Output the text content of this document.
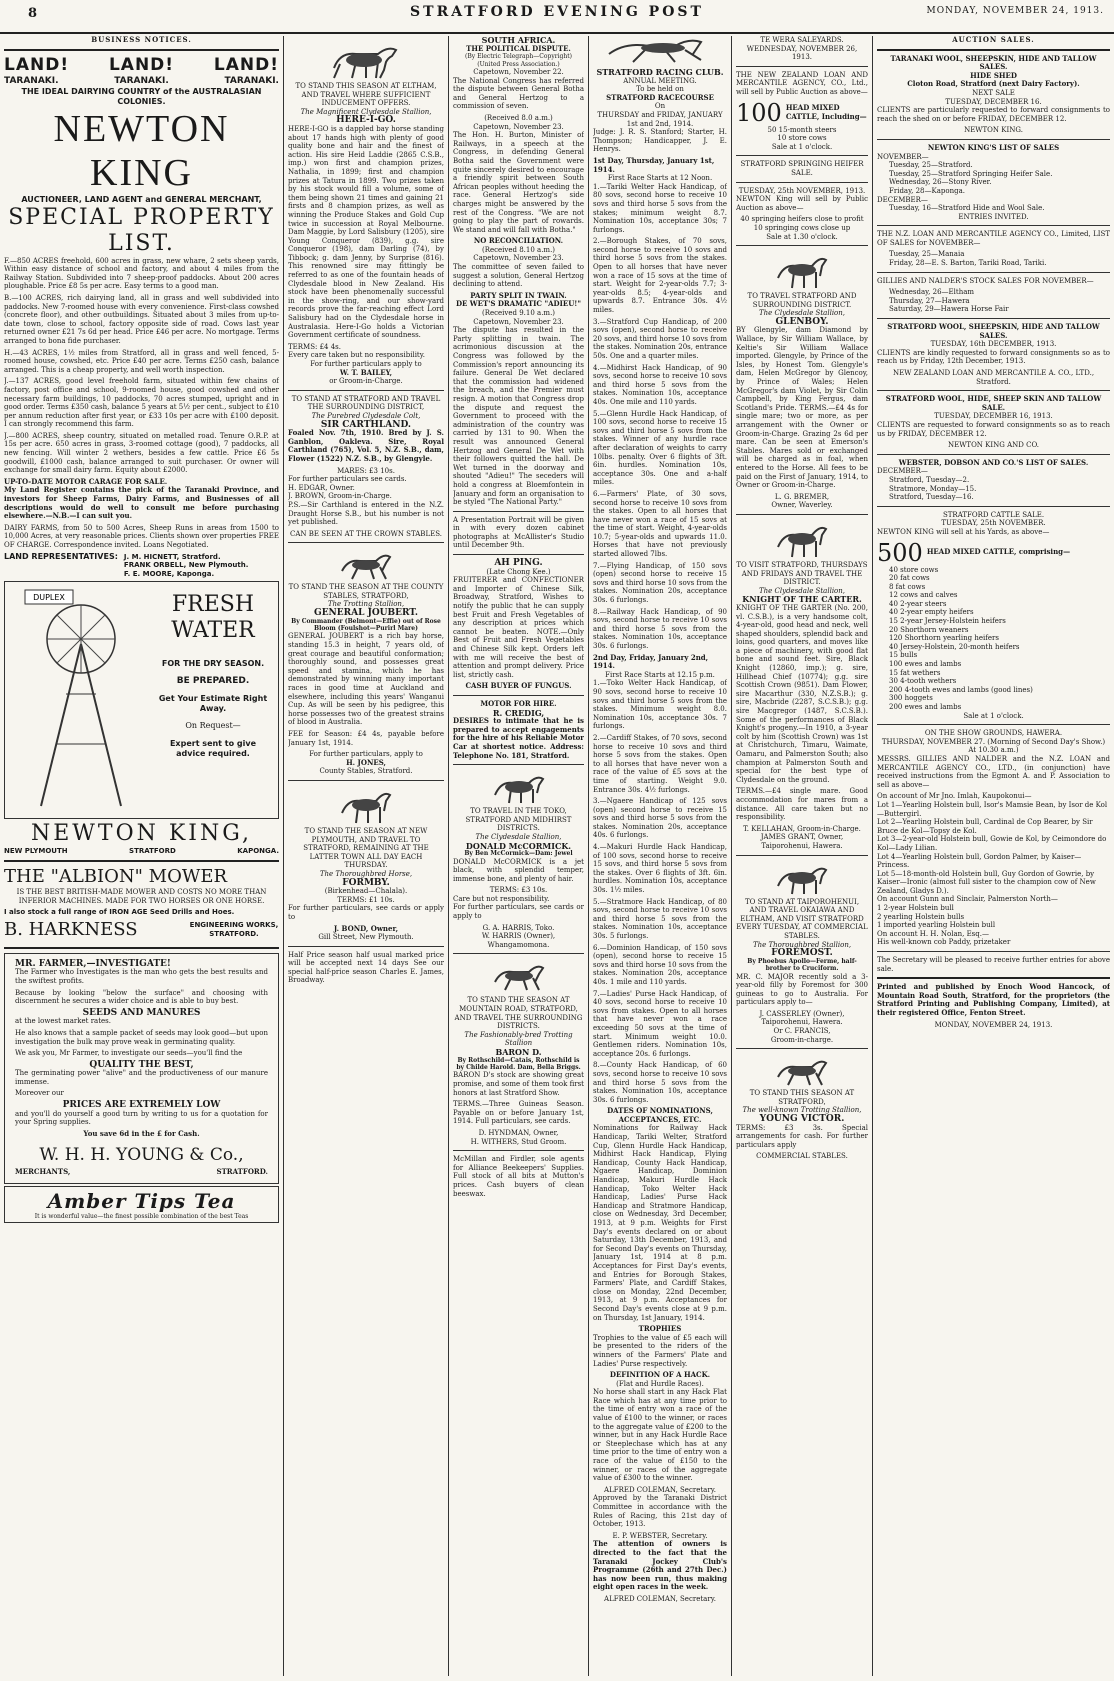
8	STRATFORD EVENING POST	MONDAY, NOVEMBER 24, 1913.
BUSINESS NOTICES.
LAND! LAND! LAND!
TARANAKI.	TARANAKI.	TARANAKI.
THE IDEAL DAIRYING COUNTRY of the AUSTRALASIAN COLONIES.
NEWTON KING
AUCTIONEER, LAND AGENT and GENERAL MERCHANT,
SPECIAL PROPERTY LIST.

F.—850 ACRES freehold, 600 acres in grass, new whare, 2 sets sheep yards, Within easy distance of school and factory, and about 4 miles from the Railway Station. Subdivided into 7 sheep-proof paddocks. About 200 acres ploughable. Price £8 5s per acre. Easy terms to a good man.

B.—100 ACRES, rich dairying land, all in grass and well subdivided into paddocks. New 7-roomed house with every convenience. First-class cowshed (concrete floor), and other outbuildings. Situated about 3 miles from up-to-date town, close to school, factory opposite side of road. Cows last year returned owner £21 7s 6d per head. Price £46 per acre. No mortgage. Terms arranged to bona fide purchaser.

H.—43 ACRES, 1½ miles from Stratford, all in grass and well fenced, 5-roomed house, cowshed, etc. Price £40 per acre. Terms £250 cash, balance arranged. This is a cheap property, and well worth inspection.

J.—137 ACRES, good level freehold farm, situated within few chains of factory, post office and school, 9-roomed house, good cowshed and other necessary farm buildings, 10 paddocks, 70 acres stumped, upright and in good order. Terms £350 cash, balance 5 years at 5½ per cent., subject to £10 per annum reduction after first year, or £33 10s per acre with £100 deposit. I can strongly recommend this farm.

J.—800 ACRES, sheep country, situated on metalled road. Tenure O.R.P. at 15s per acre. 650 acres in grass, 3-roomed cottage (good), 7 paddocks, all new fencing. Will winter 2 wethers, besides a few cattle. Price £6 5s goodwill, £1000 cash, balance arranged to suit purchaser. Or owner will exchange for small dairy farm. Equity about £2000.

UP-TO-DATE MOTOR CARAGE FOR SALE.

My Land Register contains the pick of the Taranaki Province, and investors for Sheep Farms, Dairy Farms, and Businesses of all descriptions would do well to consult me before purchasing elsewhere.—N.B.—I can suit you.

DAIRY FARMS, from 50 to 500 Acres, Sheep Runs in areas from 1500 to 10,000 Acres, at very reasonable prices. Clients shown over properties FREE OF CHARGE. Correspondence invited. Loans Negotiated.

LAND REPRESENTATIVES: J. M. HICNETT, Stratford.
FRANK ORBELL, New Plymouth.
F. E. MOORE, Kaponga.
DUPLEX	FRESH
WATER
FOR THE DRY SEASON.
BE PREPARED.
Get Your Estimate Right Away.
On Request—
Expert sent to give advice required.
NEWTON KING,
NEW PLYMOUTH	STRATFORD	KAPONGA.
THE "ALBION" MOWER

IS THE BEST BRITISH-MADE MOWER AND COSTS NO MORE THAN INFERIOR MACHINES. MADE FOR TWO HORSES OR ONE HORSE.

I also stock a full range of IRON AGE Seed Drills and Hoes.
B. HARKNESS	ENGINEERING WORKS, STRATFORD.
MR. FARMER,—INVESTIGATE!

The Farmer who Investigates is the man who gets the best results and the swiftest profits.

Because by looking "below the surface" and choosing with discernment he secures a wider choice and is able to buy best.

SEEDS AND MANURES

at the lowest market rates.

He also knows that a sample packet of seeds may look good—but upon investigation the bulk may prove weak in germinating quality.

We ask you, Mr Farmer, to investigate our seeds—you'll find the

QUALITY THE BEST,

The germinating power "alive" and the productiveness of our manure immense.

Moreover our

PRICES ARE EXTREMELY LOW

and you'll do yourself a good turn by writing to us for a quotation for your Spring supplies.

You save 6d in the £ for Cash.
W. H. H. YOUNG & Co.,
MERCHANTS,	STRATFORD.
Amber Tips Tea
It is wonderful value—the finest possible combination of the best Teas
TO STAND THIS SEASON AT ELTHAM, AND TRAVEL WHERE SUFFICIENT INDUCEMENT OFFERS.
The Magnificent Clydesdale Stallion,
HERE-I-GO.

HERE-I-GO is a dappled bay horse standing about 17 hands high with plenty of good quality bone and hair and the finest of action. His sire Heid Laddie (2865 C.S.B., imp.) won first and champion prizes, Nathalia, in 1899; first and champion prizes at Tatura in 1899. Two prizes taken by his stock would fill a volume, some of them being shown 21 times and gaining 21 firsts and 8 champion prizes, as well as winning the Produce Stakes and Gold Cup twice in succession at Royal Melbourne. Dam Maggie, by Lord Salisbury (1205), sire Young Conqueror (839), g.g. sire Conqueror (198), dam Darling (74), by Tibbock; g. dam Jenny, by Surprise (816). This renowned sire may fittingly be referred to as one of the fountain heads of Clydesdale blood in New Zealand. His stock have been phenomenally successful in the show-ring, and our show-yard records prove the far-reaching effect Lord Salisbury had on the Clydesdale horse in Australasia. Here-I-Go holds a Victorian Government certificate of soundness.

TERMS: £4 4s.
Every care taken but no responsibility.
For further particulars apply to
W. T. BAILEY,
or Groom-in-Charge.
TO STAND AT STRATFORD AND TRAVEL THE SURROUNDING DISTRICT,
The Purebred Clydesdale Colt,
SIR CARTHLAND.

Foaled Nov. 7th, 1910. Bred by J. S. Ganblon, Oakleva. Sire, Royal Carthland (765), Vol. 5, N.Z. S.B., dam, Flower (1522) N.Z. S.B., by Glengyle.

MARES: £3 10s.
For further particulars see cards.
H. EDGAR, Owner.
J. BROWN, Groom-in-Charge.

P.S.—Sir Carthland is entered in the N.Z. Draught Horse S.B., but his number is not yet published.

CAN BE SEEN AT THE CROWN STABLES.
TO STAND THE SEASON AT THE COUNTY STABLES, STRATFORD,
The Trotting Stallion,
GENERAL JOUBERT.
By Commander (Belmont—Effie) out of Rose Bloom (Foulshot—Purirl Mare)

GENERAL JOUBERT is a rich bay horse, standing 15.3 in height, 7 years old, of great courage and beautiful conformation; thoroughly sound, and possesses great speed and stamina, which he has demonstrated by winning many important races in good time at Auckland and elsewhere, including this years' Wanganui Cup. As will be seen by his pedigree, this horse possesses two of the greatest strains of blood in Australia.

FEE for Season: £4 4s, payable before January 1st, 1914.

For further particulars, apply to
H. JONES,
County Stables, Stratford.
TO STAND THE SEASON AT NEW PLYMOUTH, AND TRAVEL TO STRATFORD, REMAINING AT THE LATTER TOWN ALL DAY EACH THURSDAY.
The Thoroughbred Horse,
FORMBY.
(Birkenhead—Chalala).
TERMS: £1 10s.

For further particulars, see cards or apply to

J. BOND, Owner,
Gill Street, New Plymouth.

Half Price season half usual marked price will be accepted next 14 days See our special half-price season Charles E. James, Broadway.

SOUTH AFRICA.
THE POLITICAL DISPUTE.
(By Electric Telegraph—Copyright) (United Press Association.)
Capetown, November 22.

The National Congress has referred the dispute between General Botha and General Hertzog to a commission of seven.

(Received 8.0 a.m.)
Capetown, November 23.

The Hon. H. Burton, Minister of Railways, in a speech at the Congress, in defending General Botha said the Government were quite sincerely desired to encourage a friendly spirit between South African peoples without heeding the race. General Hertzog's side charges might be answered by the rest of the Congress. "We are not going to play the part of rowards. We stand and will fall with Botha."

NO RECONCILIATION.
(Received 8.10 a.m.)
Capetown, November 23.

The committee of seven failed to suggest a solution, General Hertzog declining to attend.

PARTY SPLIT IN TWAIN.
DE WET'S DRAMATIC "ADIEU!"
(Received 9.10 a.m.)
Capetown, November 23.

The dispute has resulted in the Party splitting in twain. The acrimonious discussion at the Congress was followed by the Commission's report announcing its failure. General De Wet declared that the commission had widened the breach, and the Premier must resign. A motion that Congress drop the dispute and request the Government to proceed with the administration of the country was carried by 131 to 90. When the result was announced General Hertzog and General De Wet with their followers quitted the hall. De Wet turned in the doorway and shouted "Adieu!" The seceders will hold a congress at Bloemfontein in January and form an organisation to be styled "The National Party."

A Presentation Portrait will be given in with every dozen cabinet photographs at McAllister's Studio until December 9th.

AH PING.
(Late Chong Kee.)

FRUITERER and CONFECTIONER and Importer of Chinese Silk, Broadway, Stratford, Wishes to notify the public that he can supply best Fruit and Fresh Vegetables of any description at prices which cannot be beaten. NOTE.—Only Best of Fruit and Fresh Vegetables and Chinese Silk kept. Orders left with me will receive the best of attention and prompt delivery. Price list, strictly cash.

CASH BUYER OF FUNGUS.
MOTOR FOR HIRE.
R. CREDIG,

DESIRES to intimate that he is prepared to accept engagements for the hire of his Reliable Motor Car at shortest notice. Address: Telephone No. 181, Stratford.

TO TRAVEL IN THE TOKO, STRATFORD AND MIDHIRST DISTRICTS.
The Clydesdale Stallion,
DONALD McCORMICK.
By Ben McCormick—Dam: Jewel

DONALD McCORMICK is a jet black, with splendid temper, immense bone, and plenty of hair.

TERMS: £3 10s.
Care but not responsibility.

For further particulars, see cards or apply to

G. A. HARRIS, Toko.
W. HARRIS (Owner), Whangamomona.
TO STAND THE SEASON AT MOUNTAIN ROAD, STRATFORD, AND TRAVEL THE SURROUNDING DISTRICTS.
The Fashionably-bred Trotting Stallion
BARON D.
By Rothschild—Catais, Rothschild is by Childe Harold. Dam, Bella Briggs.

BARON D's stock are showing great promise, and some of them took first honors at last Stratford Show.

TERMS.—Three Guineas Season. Payable on or before January 1st, 1914. Full particulars, see cards.

D. HYNDMAN, Owner,
H. WITHERS, Stud Groom.

McMillan and Firdler, sole agents for Alliance Beekeepers' Supplies. Full stock of all bits at Mutton's prices. Cash buyers of clean beeswax.

STRATFORD RACING CLUB.
ANNUAL MEETING.
To be held on
STRATFORD RACECOURSE
On
THURSDAY and FRIDAY, JANUARY 1st and 2nd, 1914.

Judge: J. R. S. Stanford; Starter, H. Thompson; Handicapper, J. E. Henrys.

1st Day, Thursday, January 1st, 1914.
First Race Starts at 12 Noon.

1.—Tariki Welter Hack Handicap, of 80 sovs, second horse to receive 10 sovs and third horse 5 sovs from the stakes; minimum weight 8.7. Nomination 10s, acceptance 30s; 7 furlongs.

2.—Borough Stakes, of 70 sovs, second horse to receive 10 sovs and third horse 5 sovs from the stakes. Open to all horses that have never won a race of 15 sovs at the time of start. Weight for 2-year-olds 7.7; 3-year-olds 8.5; 4-year-olds and upwards 8.7. Entrance 30s. 4½ miles.

3.—Stratford Cup Handicap, of 200 sovs (open), second horse to receive 20 sovs, and third horse 10 sovs from the stakes. Nomination 20s, entrance 50s. One and a quarter miles.

4.—Midhirst Hack Handicap, of 90 sovs, second horse to receive 10 sovs and third horse 5 sovs from the stakes. Nomination 10s, acceptance 40s. One mile and 110 yards.

5.—Glenn Hurdle Hack Handicap, of 100 sovs, second horse to receive 15 sovs and third horse 5 sovs from the stakes. Winner of any hurdle race after declaration of weights to carry 10lbs. penalty. Over 6 flights of 3ft. 6in. hurdles. Nomination 10s, acceptance 30s. One and a-half miles.

6.—Farmers' Plate, of 30 sovs, second horse to receive 10 sovs from the stakes. Open to all horses that have never won a race of 15 sovs at the time of start. Weight, 4-year-olds 10.7; 5-year-olds and upwards 11.0. Horses that have not previously started allowed 7lbs.

7.—Flying Handicap, of 150 sovs (open) second horse to receive 15 sovs and third horse 10 sovs from the stakes. Nomination 20s, acceptance 30s. 6 furlongs.

8.—Railway Hack Handicap, of 90 sovs, second horse to receive 10 sovs and third horse 5 sovs from the stakes. Nomination 10s, acceptance 30s. 6 furlongs.

2nd Day, Friday, January 2nd, 1914.
First Race Starts at 12.15 p.m.

1.—Toko Welter Hack Handicap, of 90 sovs, second horse to receive 10 sovs and third horse 5 sovs from the stakes. Minimum weight 8.0. Nomination 10s, acceptance 30s. 7 furlongs.

2.—Cardiff Stakes, of 70 sovs, second horse to receive 10 sovs and third horse 5 sovs from the stakes. Open to all horses that have never won a race of the value of £5 sovs at the time of starting. Weight 9.0. Entrance 30s. 4½ furlongs.

3.—Ngaere Handicap of 125 sovs (open) second horse to receive 15 sovs and third horse 5 sovs from the stakes. Nomination 20s, acceptance 40s. 6 furlongs.

4.—Makuri Hurdle Hack Handicap, of 100 sovs, second horse to receive 15 sovs, and third horse 5 sovs from the stakes. Over 6 flights of 3ft. 6in. hurdles. Nomination 10s, acceptance 30s. 1½ miles.

5.—Stratmore Hack Handicap, of 80 sovs, second horse to receive 10 sovs and third horse 5 sovs from the stakes. Nomination 10s, acceptance 30s. 5 furlongs.

6.—Dominion Handicap, of 150 sovs (open), second horse to receive 15 sovs and third horse 10 sovs from the stakes. Nomination 20s, acceptance 40s. 1 mile and 110 yards.

7.—Ladies' Purse Hack Handicap, of 40 sovs, second horse to receive 10 sovs from stakes. Open to all horses that have never won a race exceeding 50 sovs at the time of start. Minimum weight 10.0. Gentlemen riders. Nomination 10s, acceptance 20s. 6 furlongs.

8.—County Hack Handicap, of 60 sovs, second horse to receive 10 sovs and third horse 5 sovs from the stakes. Nomination 10s, acceptance 30s. 6 furlongs.

DATES OF NOMINATIONS, ACCEPTANCES, ETC.

Nominations for Railway Hack Handicap, Tariki Welter, Stratford Cup, Glenn Hurdle Hack Handicap, Midhirst Hack Handicap, Flying Handicap, County Hack Handicap, Ngaere Handicap, Dominion Handicap, Makuri Hurdle Hack Handicap, Toko Welter Hack Handicap, Ladies' Purse Hack Handicap and Stratmore Handicap, close on Wednesday, 3rd December, 1913, at 9 p.m. Weights for First Day's events declared on or about Saturday, 13th December, 1913, and for Second Day's events on Thursday, January 1st, 1914 at 8 p.m. Acceptances for First Day's events, and Entries for Borough Stakes, Farmers' Plate, and Cardiff Stakes, close on Monday, 22nd December, 1913, at 9 p.m. Acceptances for Second Day's events close at 9 p.m. on Thursday, 1st January, 1914.

TROPHIES

Trophies to the value of £5 each will be presented to the riders of the winners of the Farmers' Plate and Ladies' Purse respectively.

DEFINITION OF A HACK.
(Flat and Hurdle Races).

No horse shall start in any Hack Flat Race which has at any time prior to the time of entry won a race of the value of £100 to the winner, or races to the aggregate value of £200 to the winner, but in any Hack Hurdle Race or Steeplechase which has at any time prior to the time of entry won a race of the value of £150 to the winner, or races of the aggregate value of £300 to the winner.

ALFRED COLEMAN, Secretary.

Approved by the Taranaki District Committee in accordance with the Rules of Racing, this 21st day of October, 1913.

E. P. WEBSTER, Secretary.

The attention of owners is directed to the fact that the Taranaki Jockey Club's Programme (26th and 27th Dec.) has now been run, thus making eight open races in the week.

ALFRED COLEMAN, Secretary.
TE WERA SALEYARDS.
WEDNESDAY, NOVEMBER 26, 1913.

THE NEW ZEALAND LOAN AND MERCANTILE AGENCY, CO., Ltd., will sell by Public Auction as above—

100 HEAD MIXED CATTLE, Including—
50 15-month steers
10 store cows
Sale at 1 o'clock.
STRATFORD SPRINGING HEIFER SALE.
TUESDAY, 25th NOVEMBER, 1913.

NEWTON King will sell by Public Auction as above—

40 springing heifers close to profit
10 springing cows close up
Sale at 1.30 o'clock.
TO TRAVEL STRATFORD AND SURROUNDING DISTRICT.
The Clydesdale Stallion,
GLENBOY.

BY Glengyle, dam Diamond by Wallace, by Sir William Wallace, by Keltie's Sir William Wallace imported. Glengyle, by Prince of the Isles, by Honest Tom. Glengyle's dam, Helen McGregor by Glencoy, by Prince of Wales; Helen McGregor's dam Violet, by Sir Colin Campbell, by King Fergus, dam Scotland's Pride. TERMS.—£4 4s for single mare; two or more, as per arrangement with the Owner or Groom-in-Charge. Grazing 2s 6d per mare. Can be seen at Emerson's Stables. Mares sold or exchanged will be charged as in foal, when entered to the Horse. All fees to be paid on the First of January, 1914, to Owner or Groom-in-Charge.

L. G. BREMER,
Owner, Waverley.
TO VISIT STRATFORD, THURSDAYS AND FRIDAYS AND TRAVEL THE DISTRICT.
The Clydesdale Stallion,
KNIGHT OF THE CARTER.

KNIGHT OF THE GARTER (No. 200, vl. C.S.B.), is a very handsome colt, 4-year-old, good head and neck, well shaped shoulders, splendid back and loins, good quarters, and moves like a piece of machinery, with good flat bone and sound feet. Sire, Black Knight (12860, imp.); g. sire, Hillhead Chief (10774); g.g. sire Scottish Crown (9851). Dam Flower, sire Macarthur (330, N.Z.S.B.); g. sire, Macbride (2287, S.C.S.B.); g.g. sire Macgregor (1487, S.C.S.B.). Some of the performances of Black Knight's progeny.—In 1910, a 3-year colt by him (Scottish Crown) was 1st at Christchurch, Timaru, Waimate, Oamaru, and Palmerston South; also champion at Palmerston South and special for the best type of Clydesdale on the ground.

TERMS.—£4 single mare. Good accommodation for mares from a distance. All care taken but no responsibility.

T. KELLAHAN, Groom-in-Charge.
JAMES GRANT, Owner,
Taiporohenui, Hawera.
TO STAND AT TAIPOROHENUI, AND TRAVEL OKAIAWA AND ELTHAM, AND VISIT STRATFORD EVERY TUESDAY, AT COMMERCIAL STABLES.
The Thoroughbred Stallion,
FOREMOST.
By Phoebus Apollo—Ferme, half-brother to Cruciform.

MR. C. MAJOR recently sold a 3-year-old filly by Foremost for 300 guineas to go to Australia. For particulars apply to—

J. CASSERLEY (Owner),
Taiporohenui, Hawera.
Or C. FRANCIS,
Groom-in-charge.
TO STAND THIS SEASON AT STRATFORD,
The well-known Trotting Stallion,
YOUNG VICTOR.

TERMS: £3 3s. Special arrangements for cash. For further particulars apply

COMMERCIAL STABLES.
AUCTION SALES.
TARANAKI WOOL, SHEEPSKIN, HIDE AND TALLOW SALES.
HIDE SHED
Cloton Road, Stratford (next Dairy Factory).
NEXT SALE
TUESDAY, DECEMBER 16.

CLIENTS are particularly requested to forward consignments to reach the shed on or before FRIDAY, DECEMBER 12.

NEWTON KING.
NEWTON KING'S LIST OF SALES
NOVEMBER—
Tuesday, 25—Stratford.
Tuesday, 25—Stratford Springing Heifer Sale.
Wednesday, 26—Stony River.
Friday, 28—Kaponga.
DECEMBER—
Tuesday, 16—Stratford Hide and Wool Sale.
ENTRIES INVITED.

THE N.Z. LOAN AND MERCANTILE AGENCY CO., Limited, LIST OF SALES for NOVEMBER—

Tuesday, 25—Manaia
Friday, 28—E. S. Barton, Tariki Road, Tariki.

GILLIES AND NALDER'S STOCK SALES FOR NOVEMBER—

Wednesday, 26—Eltham
Thursday, 27—Hawera
Saturday, 29—Hawera Horse Fair
STRATFORD WOOL, SHEEPSKIN, HIDE AND TALLOW SALES.
TUESDAY, 16th DECEMBER, 1913.

CLIENTS are kindly requested to forward consignments so as to reach us by Friday, 12th December, 1913.

NEW ZEALAND LOAN AND MERCANTILE A. CO., LTD., Stratford.
STRATFORD WOOL, HIDE, SHEEP SKIN AND TALLOW SALE.
TUESDAY, DECEMBER 16, 1913.

CLIENTS are requested to forward consignments so as to reach us by FRIDAY, DECEMBER 12.

NEWTON KING AND CO.
WEBSTER, DOBSON AND CO.'S LIST OF SALES.
DECEMBER—
Stratford, Tuesday—2.
Stratmore, Monday—15.
Stratford, Tuesday—16.
STRATFORD CATTLE SALE.
TUESDAY, 25th NOVEMBER.

NEWTON KING will sell at his Yards, as above—

500 HEAD MIXED CATTLE, comprising—
40 store cows
20 fat cows
8 fat cows
12 cows and calves
40 2-year steers
40 2-year empty heifers
15 2-year Jersey-Holstein heifers
20 Shorthorn weaners
120 Shorthorn yearling heifers
40 Jersey-Holstein, 20-month heifers
15 bulls
100 ewes and lambs
15 fat wethers
30 4-tooth wethers
200 4-tooth ewes and lambs (good lines)
300 hoggets
200 ewes and lambs
Sale at 1 o'clock.
ON THE SHOW GROUNDS, HAWERA.
THURSDAY, NOVEMBER 27. (Morning of Second Day's Show.)
At 10.30 a.m.)

MESSRS. GILLIES AND NALDER and the N.Z. LOAN and MERCANTILE AGENCY CO., LTD., (in conjunction) have received instructions from the Egmont A. and P. Association to sell as above—

On account of Mr Jno. Imlah, Kaupokonui—
Lot 1—Yearling Holstein bull, Isor's Mamsie Bean, by Isor de Kol—Buttergirl.
Lot 2—Yearling Holstein bull, Cardinal de Cop Bearer, by Sir Bruce de Kol—Topsy de Kol.
Lot 3—2-year-old Holstein bull, Gowie de Kol, by Ceimondore do Kol—Lady Lilian.
Lot 4—Yearling Holstein bull, Gordon Palmer, by Kaiser—Princess.
Lot 5—18-month-old Holstein bull, Guy Gordon of Gowrie, by Kaiser—Ironic (almost full sister to the champion cow of New Zealand, Gladys D.).
On account Gunn and Sinclair, Palmerston North—
1 2-year Holstein bull
2 yearling Holstein bulls
1 imported yearling Holstein bull
On account H. H. Nolan, Esq.—
His well-known cob Paddy, prizetaker

The Secretary will be pleased to receive further entries for above sale.

Printed and published by Enoch Wood Hancock, of Mountain Road South, Stratford, for the proprietors (the Stratford Printing and Publishing Company, Limited), at their registered Office, Fenton Street.

MONDAY, NOVEMBER 24, 1913.
